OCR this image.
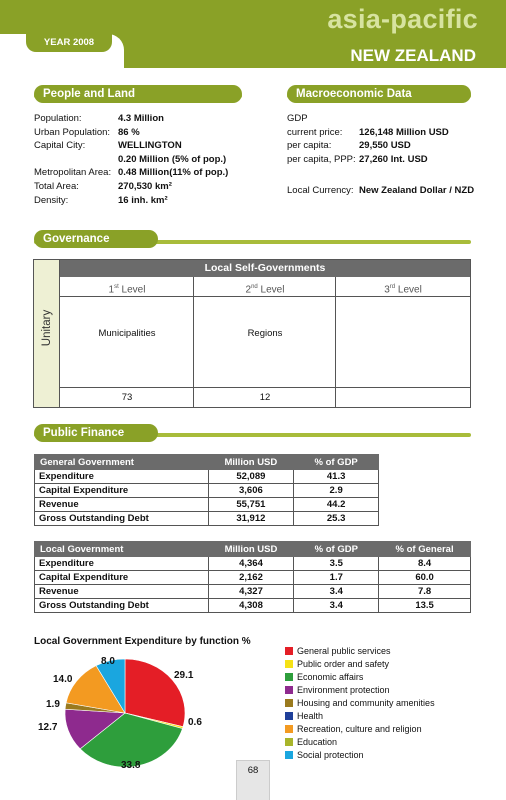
asia-pacific
YEAR 2008
NEW ZEALAND
People and Land
Population:	4.3 Million
Urban Population: 86 %
Capital City:	WELLINGTON
0.20 Million (5% of pop.)
Metropolitan Area: 0.48 Million(11% of pop.)
Total Area:	270,530 km²
Density:	16 inh. km²
Macroeconomic Data
GDP
current price: 126,148 Million USD
per capita:	29,550 USD
per capita, PPP: 27,260 Int. USD
Local Currency: New Zealand Dollar / NZD
Governance
Unitary
Local Self-Governments
1st Level	2nd Level	3rd Level
Municipalities	Regions
73	12
Public Finance
General Government	Million USD	% of GDP
Expenditure	52,089	41.3
Capital Expenditure	3,606	2.9
Revenue	55,751	44.2
Gross Outstanding Debt	31,912	25.3
Local Government	Million USD	% of GDP	% of General
Expenditure	4,364	3.5	8.4
Capital Expenditure	2,162	1.7	60.0
Revenue	4,327	3.4	7.8
Gross Outstanding Debt	4,308	3.4	13.5
Local Government Expenditure by function %
29.1
0.6
33.8
12.7
1.9
14.0
8.0
General public services
Public order and safety
Economic affairs
Environment protection
Housing and community amenities
Health
Recreation, culture and religion
Education
Social protection
68
